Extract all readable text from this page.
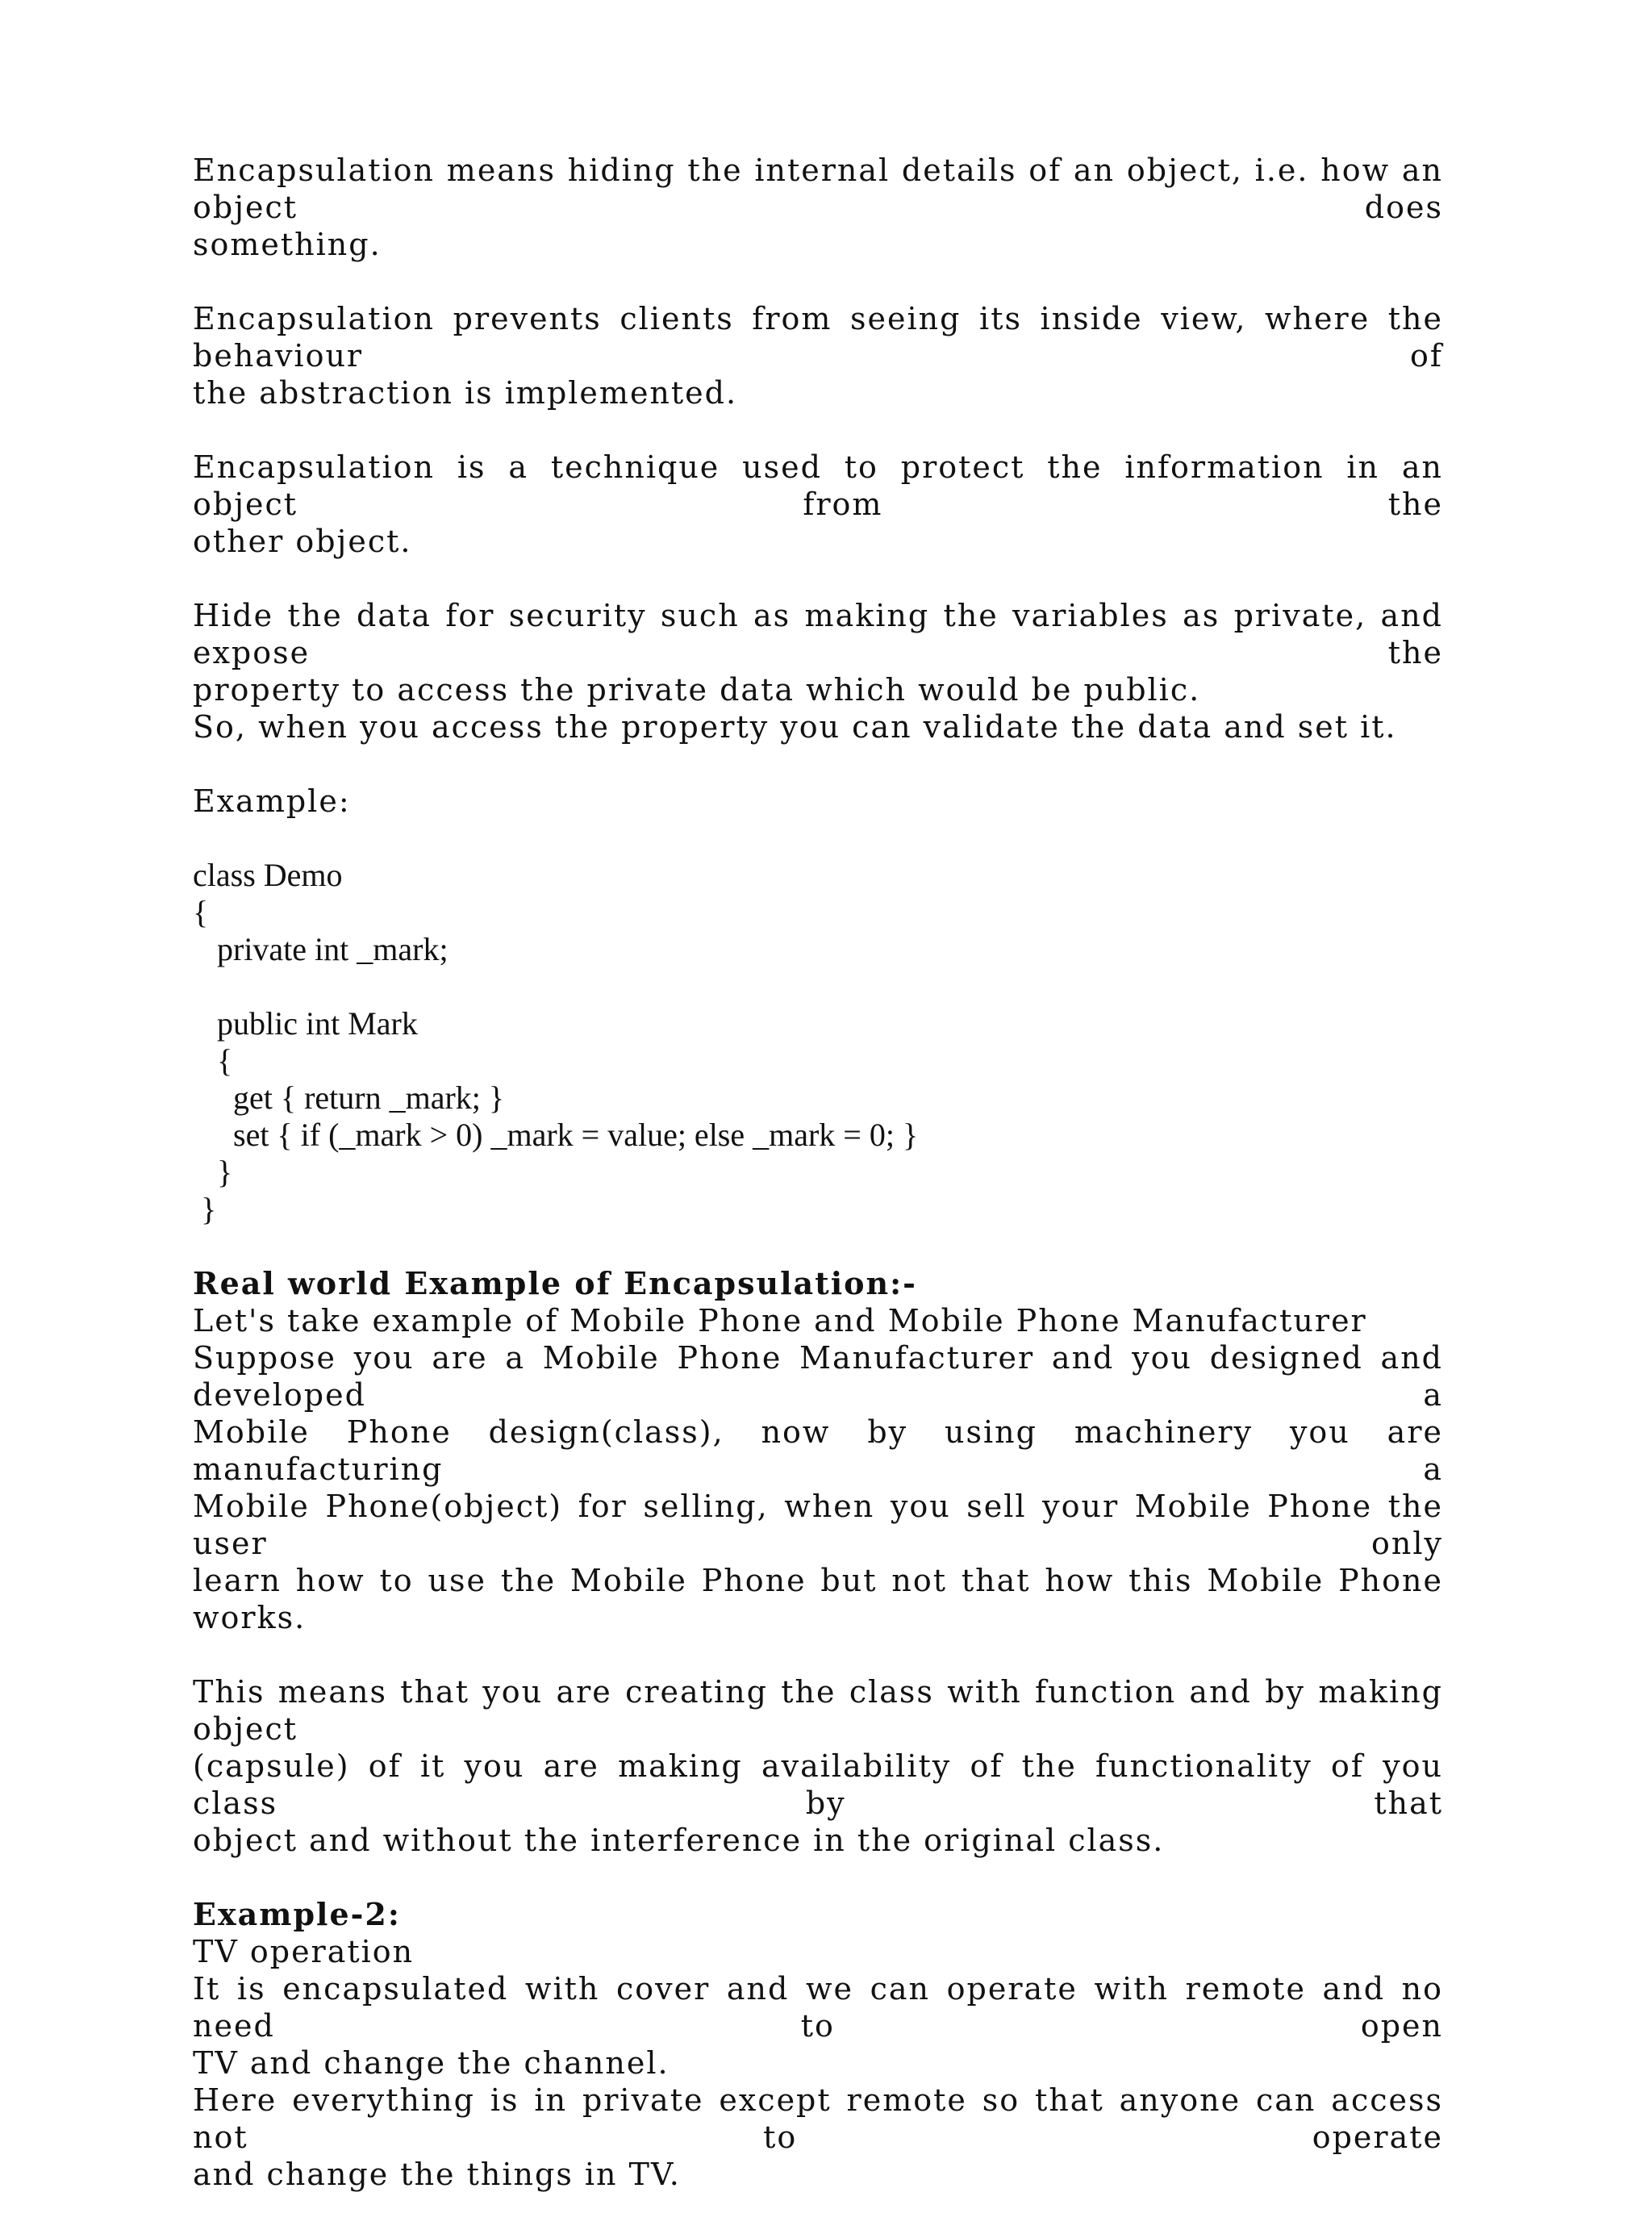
Encapsulation means hiding the internal details of an object, i.e. how an object does
something.
Encapsulation prevents clients from seeing its inside view, where the behaviour of
the abstraction is implemented.
Encapsulation is a technique used to protect the information in an object from the
other object.
Hide the data for security such as making the variables as private, and expose the
property to access the private data which would be public.
So, when you access the property you can validate the data and set it.
Example:
class Demo
{
private int _mark;
public int Mark
{
get { return _mark; }
set { if (_mark > 0) _mark = value; else _mark = 0; }
}
}
Real world Example of Encapsulation:-
Let's take example of Mobile Phone and Mobile Phone Manufacturer
Suppose you are a Mobile Phone Manufacturer and you designed and developed a
Mobile Phone design(class), now by using machinery you are manufacturing a
Mobile Phone(object) for selling, when you sell your Mobile Phone the user only
learn how to use the Mobile Phone but not that how this Mobile Phone works.
This means that you are creating the class with function and by making object
(capsule) of it you are making availability of the functionality of you class by that
object and without the interference in the original class.
Example-2:
TV operation
It is encapsulated with cover and we can operate with remote and no need to open
TV and change the channel.
Here everything is in private except remote so that anyone can access not to operate
and change the things in TV.
